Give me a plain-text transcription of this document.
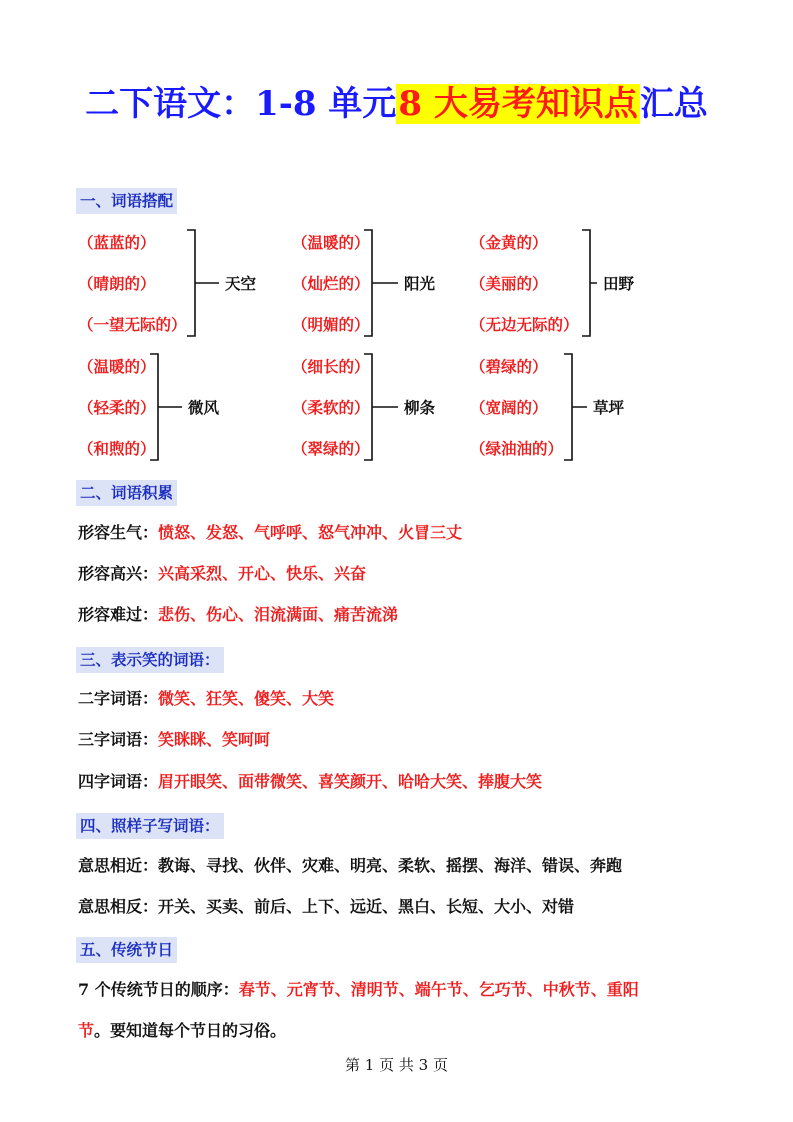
二下语文：1-8 单元8 大易考知识点汇总
一、词语搭配
（蓝蓝的）
（晴朗的）
（一望无际的）
天空
（温暖的）
（灿烂的）
（明媚的）
阳光
（金黄的）
（美丽的）
（无边无际的）
田野
（温暖的）
（轻柔的）
（和煦的）
微风
（细长的）
（柔软的）
（翠绿的）
柳条
（碧绿的）
（宽阔的）
（绿油油的）
草坪
二、词语积累
形容生气：愤怒、发怒、气呼呼、怒气冲冲、火冒三丈
形容高兴：兴高采烈、开心、快乐、兴奋
形容难过：悲伤、伤心、泪流满面、痛苦流涕
三、表示笑的词语：
二字词语：微笑、狂笑、傻笑、大笑
三字词语：笑眯眯、笑呵呵
四字词语：眉开眼笑、面带微笑、喜笑颜开、哈哈大笑、捧腹大笑
四、照样子写词语：
意思相近：教诲、寻找、伙伴、灾难、明亮、柔软、摇摆、海洋、错误、奔跑
意思相反：开关、买卖、前后、上下、远近、黑白、长短、大小、对错
五、传统节日
7 个传统节日的顺序：春节、元宵节、清明节、端午节、乞巧节、中秋节、重阳
节。要知道每个节日的习俗。
第 1 页 共 3 页
